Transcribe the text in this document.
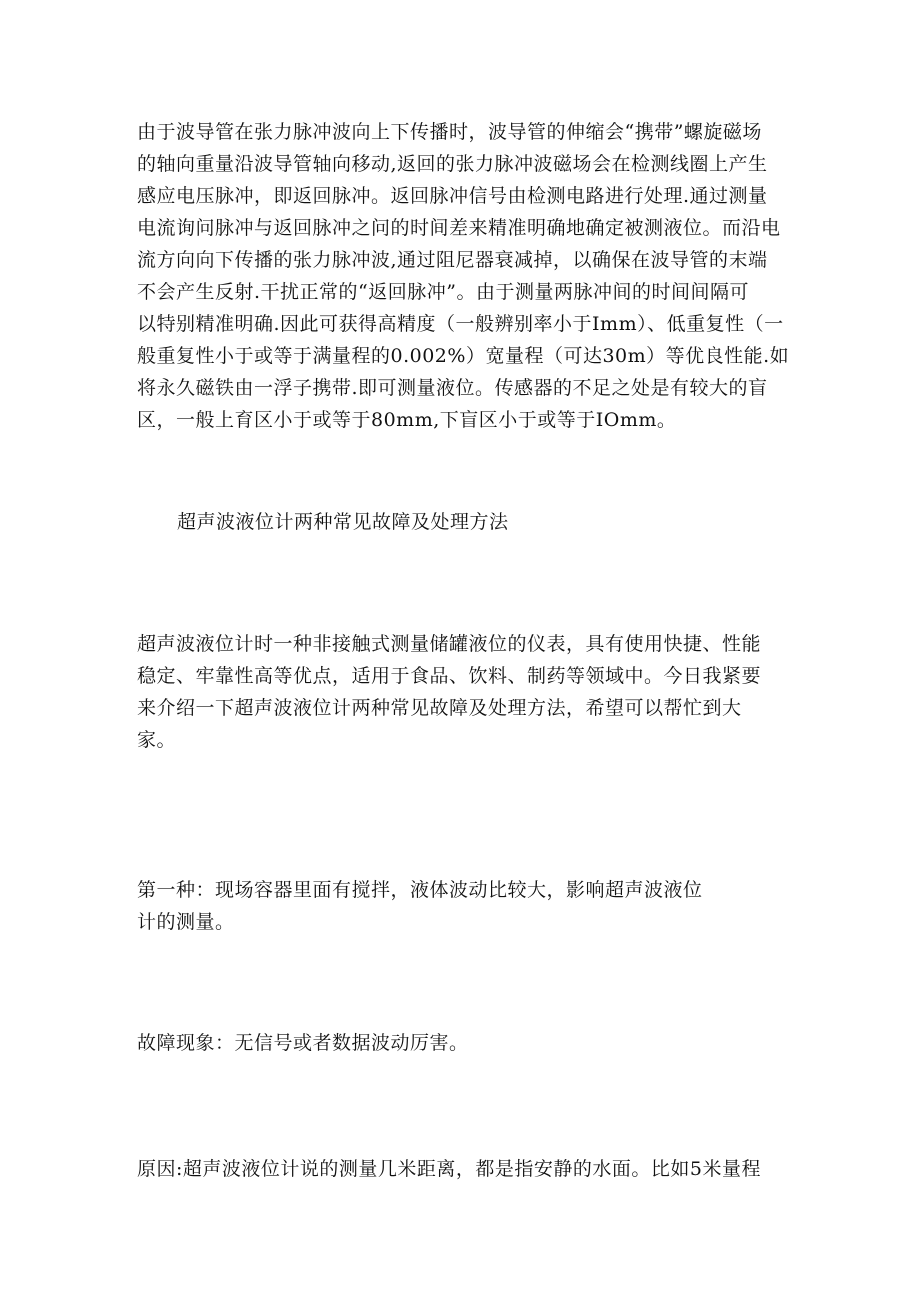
由于波导管在张力脉冲波向上下传播时，波导管的伸缩会“携带”螺旋磁场
的轴向重量沿波导管轴向移动,返回的张力脉冲波磁场会在检测线圈上产生
感应电压脉冲，即返回脉冲。返回脉冲信号由检测电路进行处理.通过测量
电流询问脉冲与返回脉冲之问的时间差来精准明确地确定被测液位。而沿电
流方向向下传播的张力脉冲波,通过阻尼器衰减掉，以确保在波导管的末端
不会产生反射.干扰正常的“返回脉冲”。由于测量两脉冲间的时间间隔可
以特别精准明确.因此可获得高精度（一般辨别率小于Imm）、低重复性（一
般重复性小于或等于满量程的0.002%）宽量程（可达30m）等优良性能.如
将永久磁铁由一浮子携带.即可测量液位。传感器的不足之处是有较大的盲
区，一般上育区小于或等于80mm,下盲区小于或等于IOmm。
超声波液位计两种常见故障及处理方法
超声波液位计时一种非接触式测量储罐液位的仪表，具有使用快捷、性能
稳定、牢靠性高等优点，适用于食品、饮料、制药等领域中。今日我紧要
来介绍一下超声波液位计两种常见故障及处理方法，希望可以帮忙到大
家。
第一种：现场容器里面有搅拌，液体波动比较大，影响超声波液位
计的测量。
故障现象：无信号或者数据波动厉害。
原因:超声波液位计说的测量几米距离，都是指安静的水面。比如5米量程
